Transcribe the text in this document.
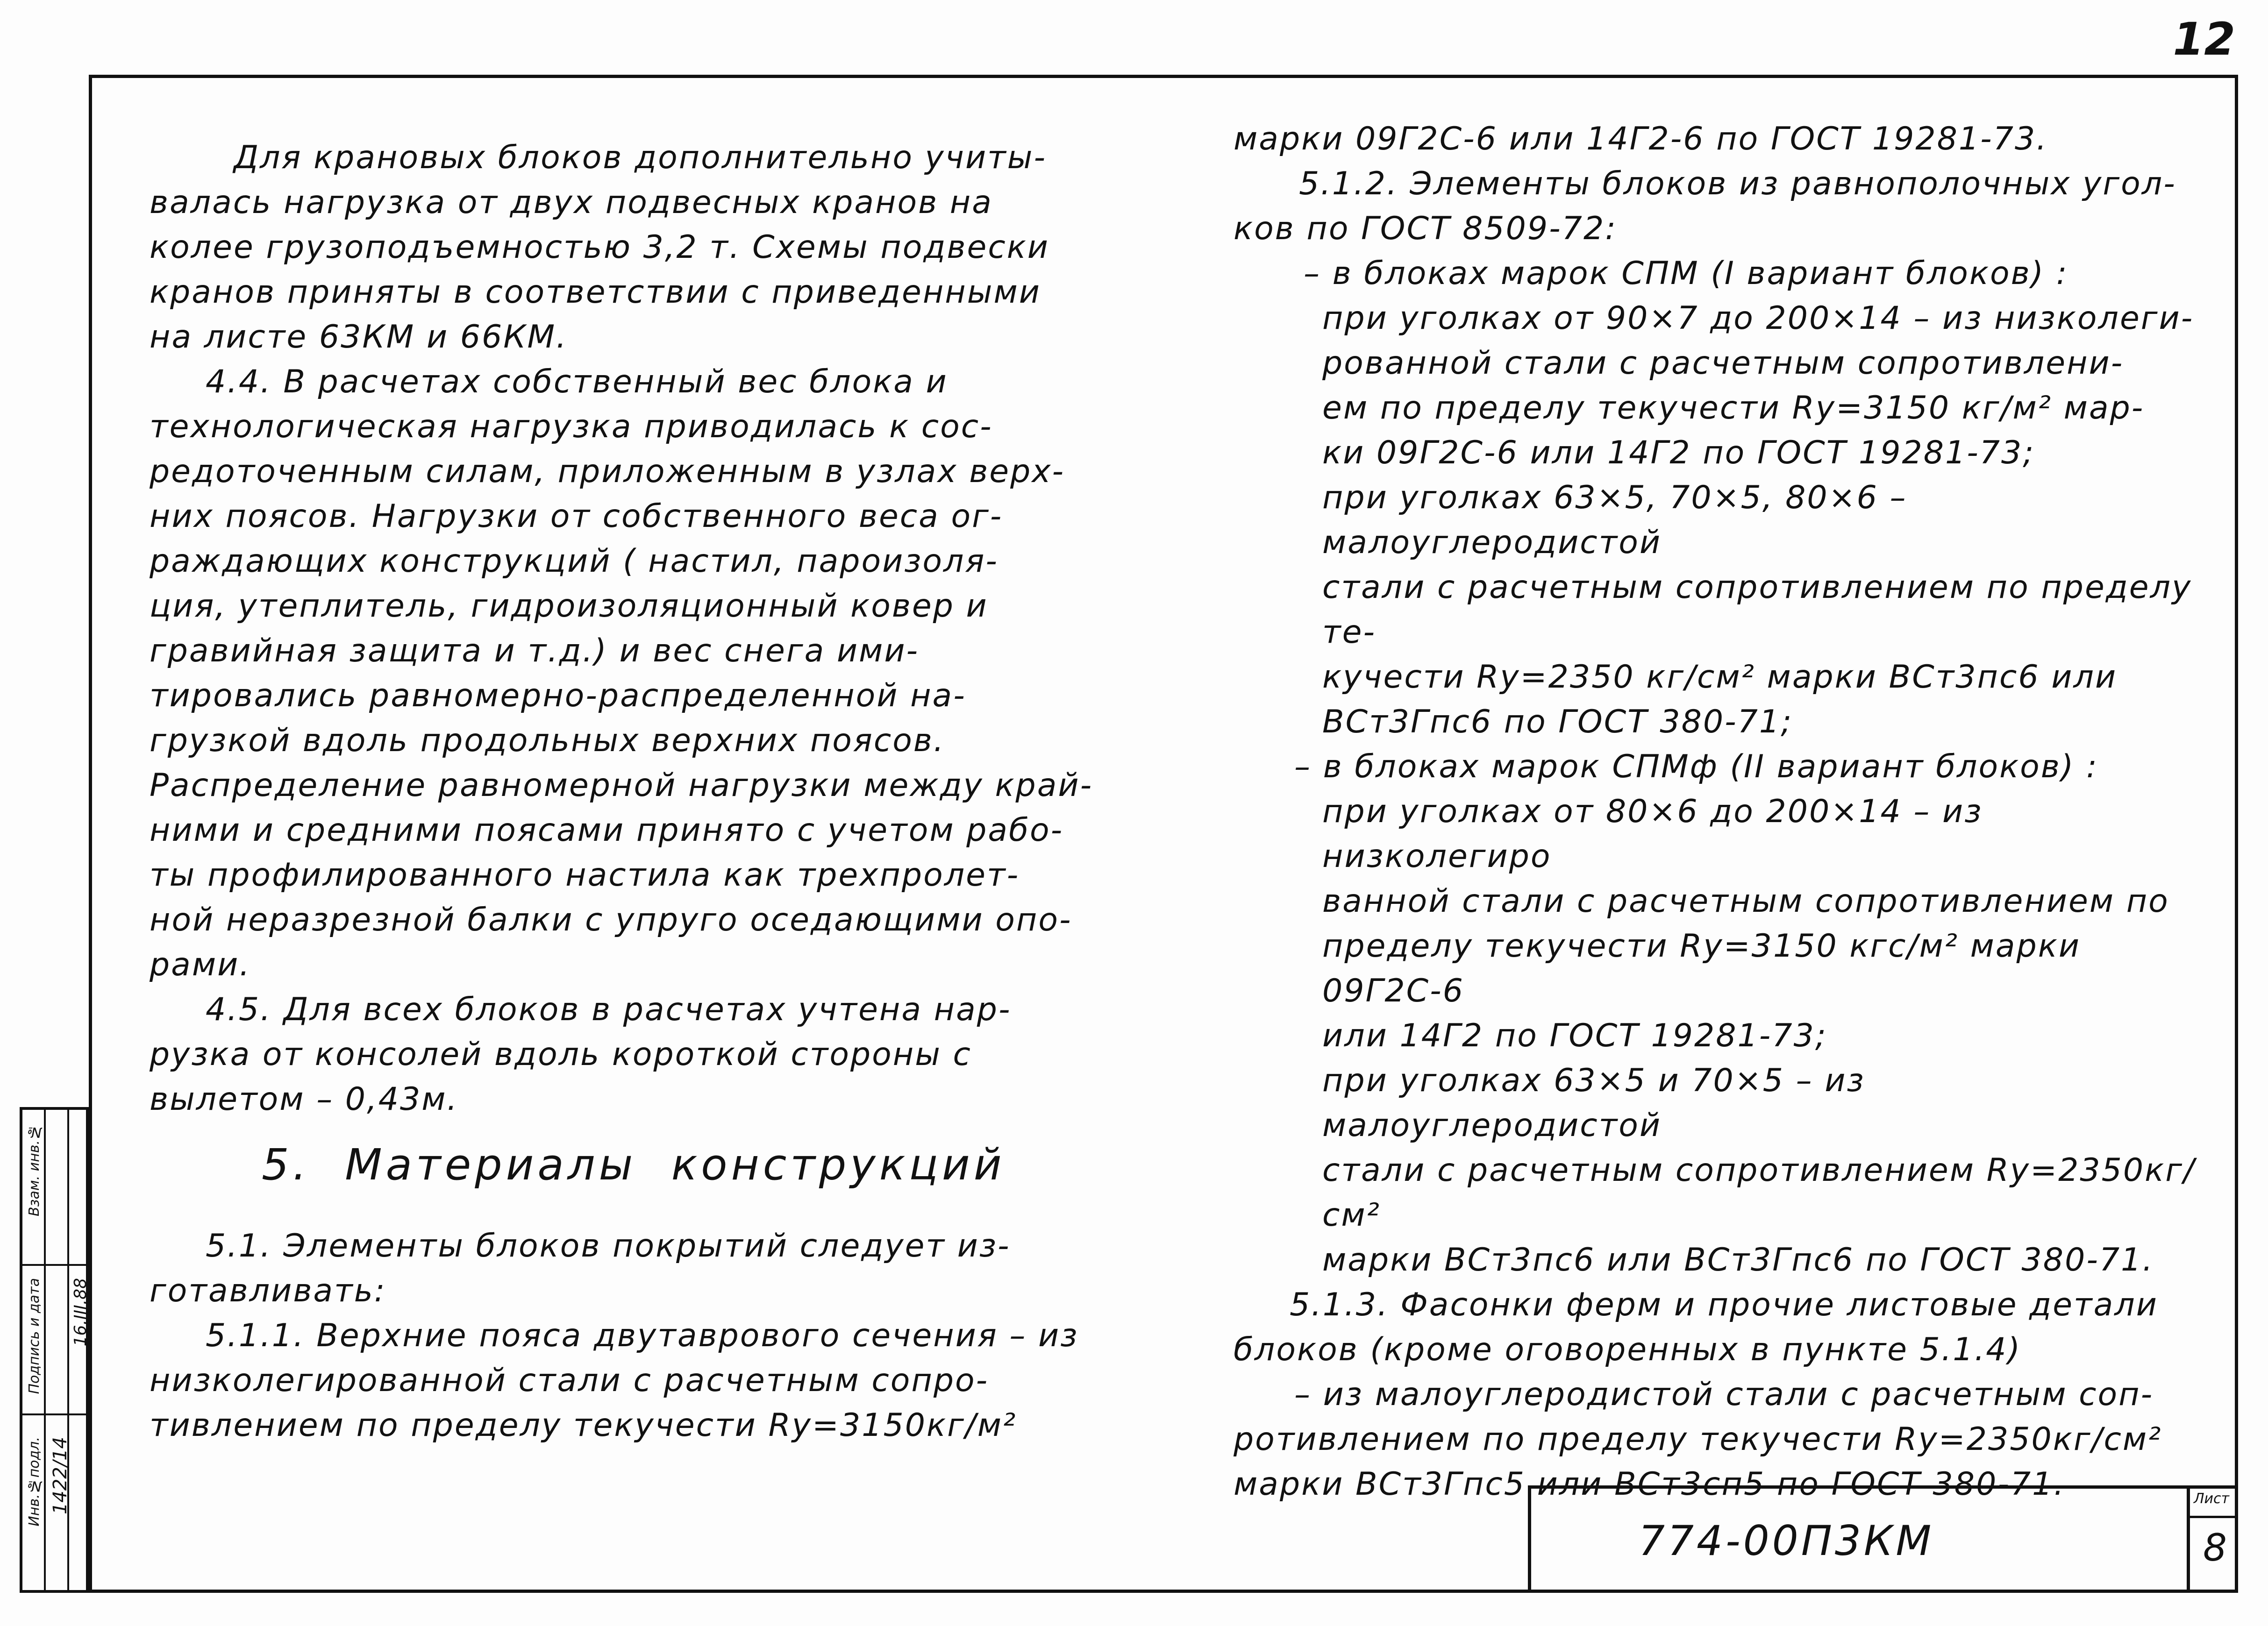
12
Инв.№подл.
Подпись и дата
Взам. инв.№
1422/14
16.III.88

Для крановых блоков дополнительно учиты-

валась нагрузка от двух подвесных кранов на

колее грузоподъемностью 3,2 т. Схемы подвески

кранов приняты в соответствии с приведенными

на листе 63КМ и 66КМ.

4.4. В расчетах собственный вес блока и

технологическая нагрузка приводилась к сос-

редоточенным силам, приложенным в узлах верх-

них поясов. Нагрузки от собственного веса ог-

раждающих конструкций ( настил, пароизоля-

ция, утеплитель, гидроизоляционный ковер и

гравийная защита и т.д.) и вес снега ими-

тировались равномерно-распределенной на-

грузкой вдоль продольных верхних поясов.

Распределение равномерной нагрузки между край-

ними и средними поясами принято с учетом рабо-

ты профилированного настила как трехпролет-

ной неразрезной балки с упруго оседающими опо-

рами.

4.5. Для всех блоков в расчетах учтена нар-

рузка от консолей вдоль короткой стороны с

вылетом – 0,43м.

5.  Материалы  конструкций

5.1. Элементы блоков покрытий следует из-

готавливать:

5.1.1. Верхние пояса двутаврового сечения – из

низколегированной стали с расчетным сопро-

тивлением по пределу текучести Ry=3150кг/м²

марки 09Г2С-6 или 14Г2-6 по ГОСТ 19281-73.

5.1.2. Элементы блоков из равнополочных угол-

ков по ГОСТ 8509-72:

– в блоках марок СПМ (I вариант блоков) :

при уголках от 90×7 до 200×14 – из низколеги-

рованной стали с расчетным сопротивлени-

ем по пределу текучести Ry=3150 кг/м² мар-

ки 09Г2С-6 или 14Г2 по ГОСТ 19281-73;

при уголках 63×5, 70×5, 80×6 – малоуглеродистой

стали с расчетным сопротивлением по пределу те-

кучести Ry=2350 кг/см² марки ВСт3пс6 или

ВСт3Гпс6 по ГОСТ 380-71;

– в блоках марок СПМф (II вариант блоков) :

при уголках от 80×6 до 200×14 – из низколегиро

ванной стали с расчетным сопротивлением по

пределу текучести Ry=3150 кгс/м² марки 09Г2С-6

или 14Г2 по ГОСТ 19281-73;

при уголках 63×5 и 70×5 – из малоуглеродистой

стали с расчетным сопротивлением Ry=2350кг/см²

марки ВСт3пс6 или ВСт3Гпс6 по ГОСТ 380-71.

5.1.3. Фасонки ферм и прочие листовые детали

блоков (кроме оговоренных в пункте 5.1.4)

– из малоуглеродистой стали с расчетным соп-

ротивлением по пределу текучести Ry=2350кг/см²

марки ВСт3Гпс5 или ВСт3сп5 по ГОСТ 380-71.

774-00П3КМ
Лист
8
